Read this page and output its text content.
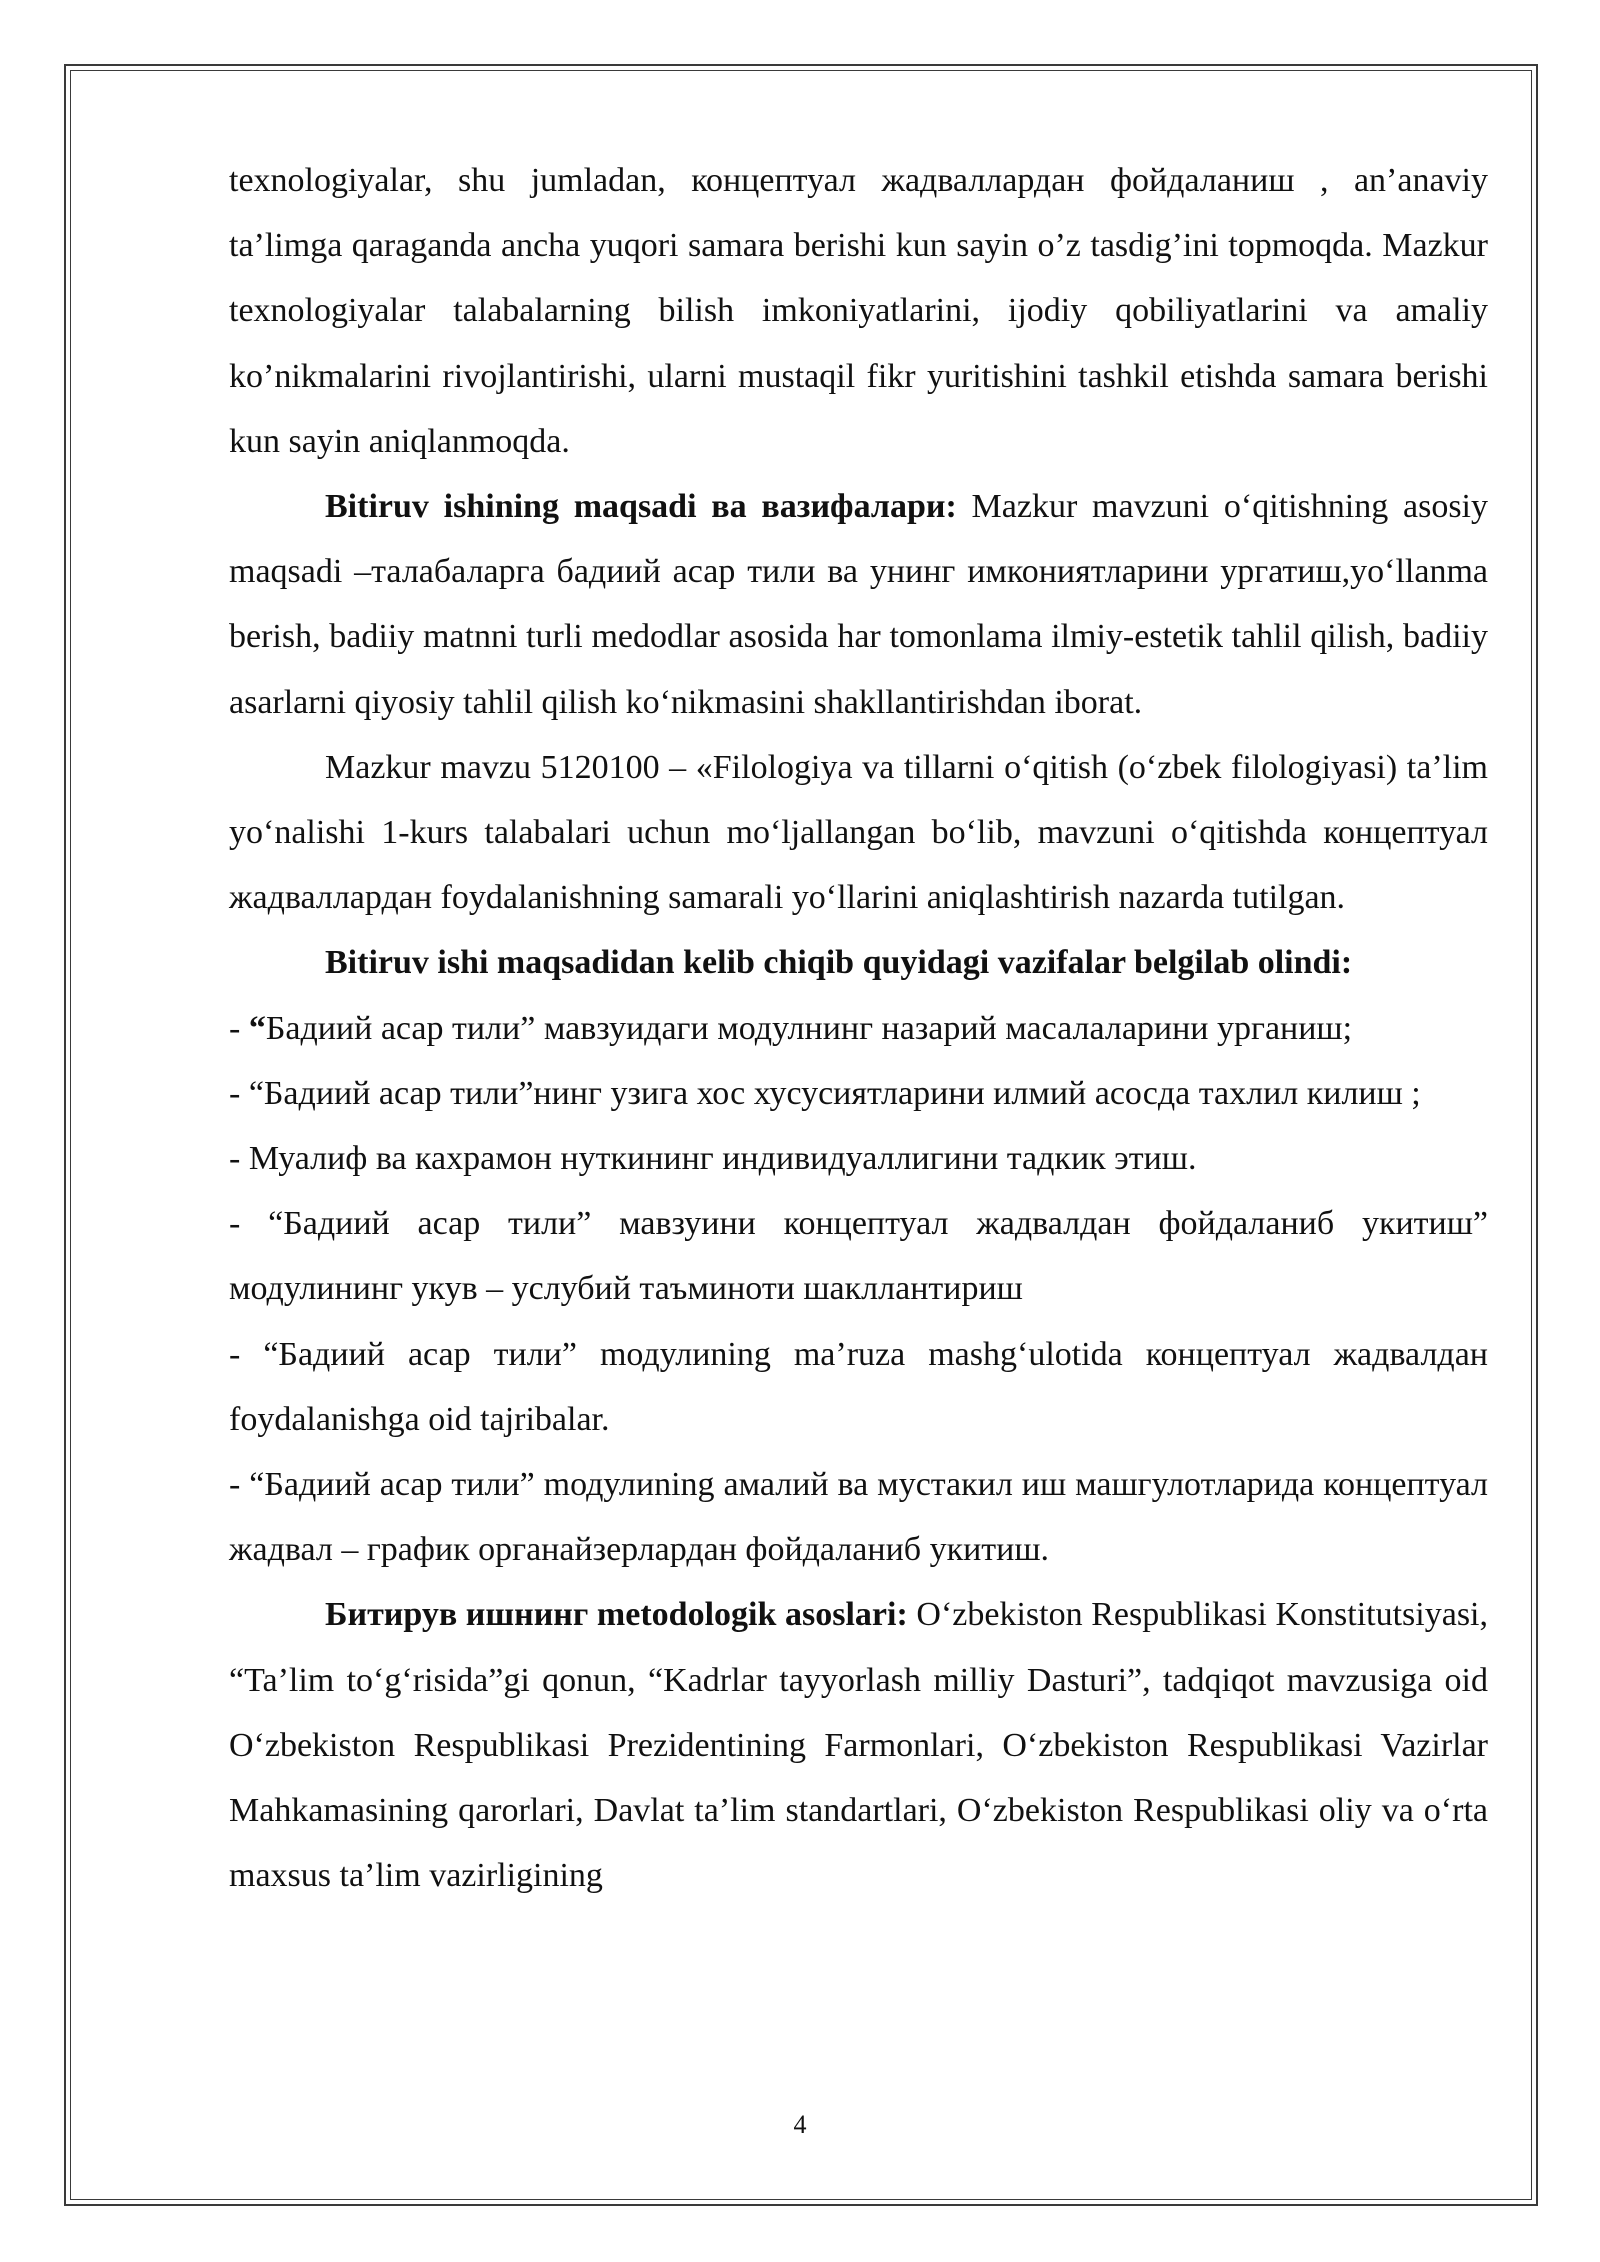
texnologiyalar, shu jumladan, концептуал жадваллардан фойдаланиш , an’anaviy ta’limga qaraganda ancha yuqori samara berishi kun sayin o’z tasdig’ini topmoqda. Mazkur texnologiyalar talabalarning bilish imkoniyatlarini, ijodiy qobiliyatlarini va amaliy ko’nikmalarini rivojlantirishi, ularni mustaqil fikr yuritishini tashkil etishda samara berishi kun sayin aniqlanmoqda.

Bitiruv ishining maqsadi ва вазифалари: Mazkur mavzuni o‘qitishning asosiy maqsadi –талабаларга бадиий асар тили ва унинг имкониятларини ургатиш,yo‘llanma berish, badiiy matnni turli medodlar asosida har tomonlama ilmiy-estetik tahlil qilish, badiiy asarlarni qiyosiy tahlil qilish ko‘nikmasini shakllantirishdan iborat.

Mazkur mavzu 5120100 – «Filologiya va tillarni o‘qitish (o‘zbek filologiyasi) ta’lim yo‘nalishi 1-kurs talabalari uchun mo‘ljallangan bo‘lib, mavzuni o‘qitishda концептуал жадваллардан foydalanishning samarali yo‘llarini aniqlashtirish nazarda tutilgan.

Bitiruv ishi maqsadidan kelib chiqib quyidagi vazifalar belgilab olindi:

- “Бадиий асар тили” мавзуидаги модулнинг назарий масалаларини урганиш;

- “Бадиий асар тили”нинг узига хос хусусиятларини илмий асосда тахлил килиш ;

- Муалиф ва кахрамон нуткининг индивидуаллигини тадкик этиш.

- “Бадиий асар тили” мавзуини концептуал жадвалдан фойдаланиб укитиш” модулининг укув – услубий таъминоти шакллантириш

- “Бадиий асар тили” mодулиning ma’ruza mashg‘ulotida концептуал жадвалдан foydalanishga oid tajribalar.

- “Бадиий асар тили” mодулиning амалий ва мустакил иш машгулотларида концептуал жадвал – график органайзерлардан фойдаланиб укитиш.

Битирув ишнинг metodologik asoslari: O‘zbekiston Respublikasi Konstitutsiyasi, “Ta’lim to‘g‘risida”gi qonun, “Kadrlar tayyorlash milliy Dasturi”, tadqiqot mavzusiga oid O‘zbekiston Respublikasi Prezidentining Farmonlari, O‘zbekiston Respublikasi Vazirlar Mahkamasining qarorlari, Davlat ta’lim standartlari, O‘zbekiston Respublikasi oliy va o‘rta maxsus ta’lim vazirligining

4
